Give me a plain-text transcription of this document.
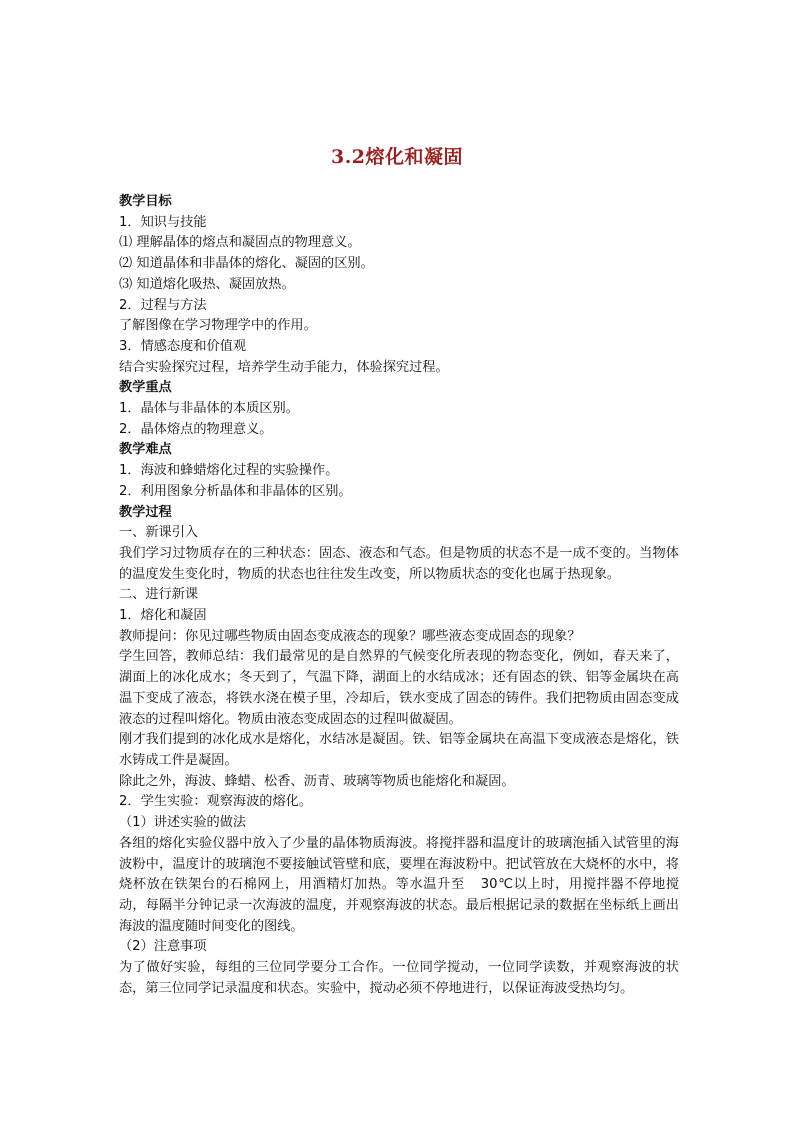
3.2熔化和凝固
教学目标
1．知识与技能
⑴ 理解晶体的熔点和凝固点的物理意义。
⑵ 知道晶体和非晶体的熔化、凝固的区别。
⑶ 知道熔化吸热、凝固放热。
2．过程与方法
了解图像在学习物理学中的作用。
3．情感态度和价值观
结合实验探究过程，培养学生动手能力，体验探究过程。
教学重点
1．晶体与非晶体的本质区别。
2．晶体熔点的物理意义。
教学难点
1．海波和蜂蜡熔化过程的实验操作。
2．利用图象分析晶体和非晶体的区别。
教学过程
一、新课引入
我们学习过物质存在的三种状态：固态、液态和气态。但是物质的状态不是一成不变的。当物体的温度发生变化时，物质的状态也往往发生改变，所以物质状态的变化也属于热现象。
二、进行新课
1．熔化和凝固
教师提问：你见过哪些物质由固态变成液态的现象？哪些液态变成固态的现象？
学生回答，教师总结：我们最常见的是自然界的气候变化所表现的物态变化，例如，春天来了，湖面上的冰化成水；冬天到了，气温下降，湖面上的水结成冰；还有固态的铁、铝等金属块在高温下变成了液态，将铁水浇在模子里，冷却后，铁水变成了固态的铸件。我们把物质由固态变成液态的过程叫熔化。物质由液态变成固态的过程叫做凝固。
刚才我们提到的冰化成水是熔化，水结冰是凝固。铁、铝等金属块在高温下变成液态是熔化，铁水铸成工件是凝固。
除此之外，海波、蜂蜡、松香、沥青、玻璃等物质也能熔化和凝固。
2．学生实验：观察海波的熔化。
（1）讲述实验的做法
各组的熔化实验仪器中放入了少量的晶体物质海波。将搅拌器和温度计的玻璃泡插入试管里的海波粉中，温度计的玻璃泡不要接触试管壁和底，要埋在海波粉中。把试管放在大烧杯的水中，将烧杯放在铁架台的石棉网上，用酒精灯加热。等水温升至 30℃以上时，用搅拌器不停地搅动，每隔半分钟记录一次海波的温度，并观察海波的状态。最后根据记录的数据在坐标纸上画出海波的温度随时间变化的图线。
（2）注意事项
为了做好实验，每组的三位同学要分工合作。一位同学搅动，一位同学读数，并观察海波的状态，第三位同学记录温度和状态。实验中，搅动必须不停地进行，以保证海波受热均匀。
